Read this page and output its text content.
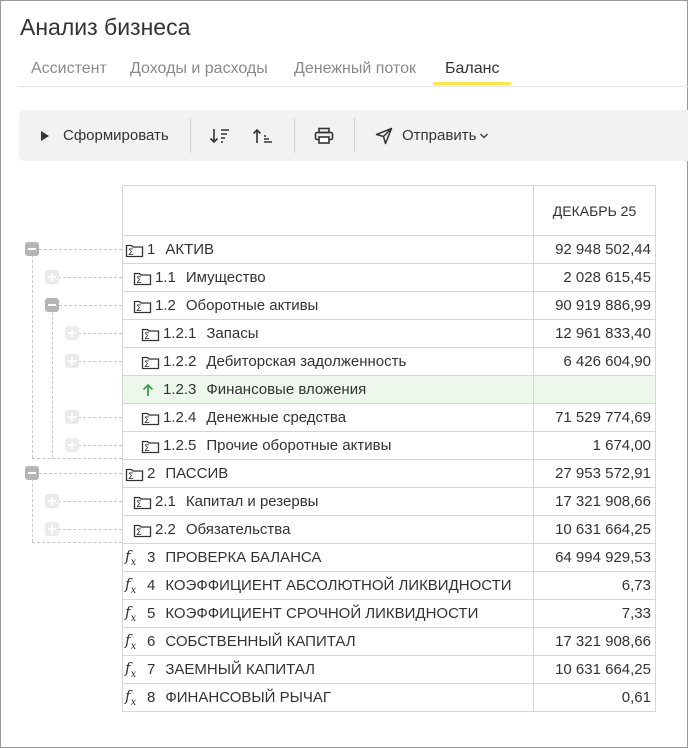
Анализ бизнеса
Ассистент Доходы и расходы Денежный поток Баланс
Сформировать	Отправить
	ДЕКАБРЬ 25

Σ 1 АКТИВ	92 948 502,44

Σ 1.1 Имущество	2 028 615,45

Σ 1.2 Оборотные активы	90 919 886,99

Σ 1.2.1 Запасы	12 961 833,40

Σ 1.2.2 Дебиторская задолженность	6 426 604,90

1.2.3 Финансовые вложения	

Σ 1.2.4 Денежные средства	71 529 774,69

Σ 1.2.5 Прочие оборотные активы	1 674,00

Σ 2 ПАССИВ	27 953 572,91

Σ 2.1 Капитал и резервы	17 321 908,66

Σ 2.2 Обязательства	10 631 664,25

$f_x$ 3 ПРОВЕРКА БАЛАНСА	64 994 929,53

$f_x$ 4 КОЭФФИЦИЕНТ АБСОЛЮТНОЙ ЛИКВИДНОСТИ	6,73

$f_x$ 5 КОЭФФИЦИЕНТ СРОЧНОЙ ЛИКВИДНОСТИ	7,33

$f_x$ 6 СОБСТВЕННЫЙ КАПИТАЛ	17 321 908,66

$f_x$ 7 ЗАЕМНЫЙ КАПИТАЛ	10 631 664,25

$f_x$ 8 ФИНАНСОВЫЙ РЫЧАГ	0,61
